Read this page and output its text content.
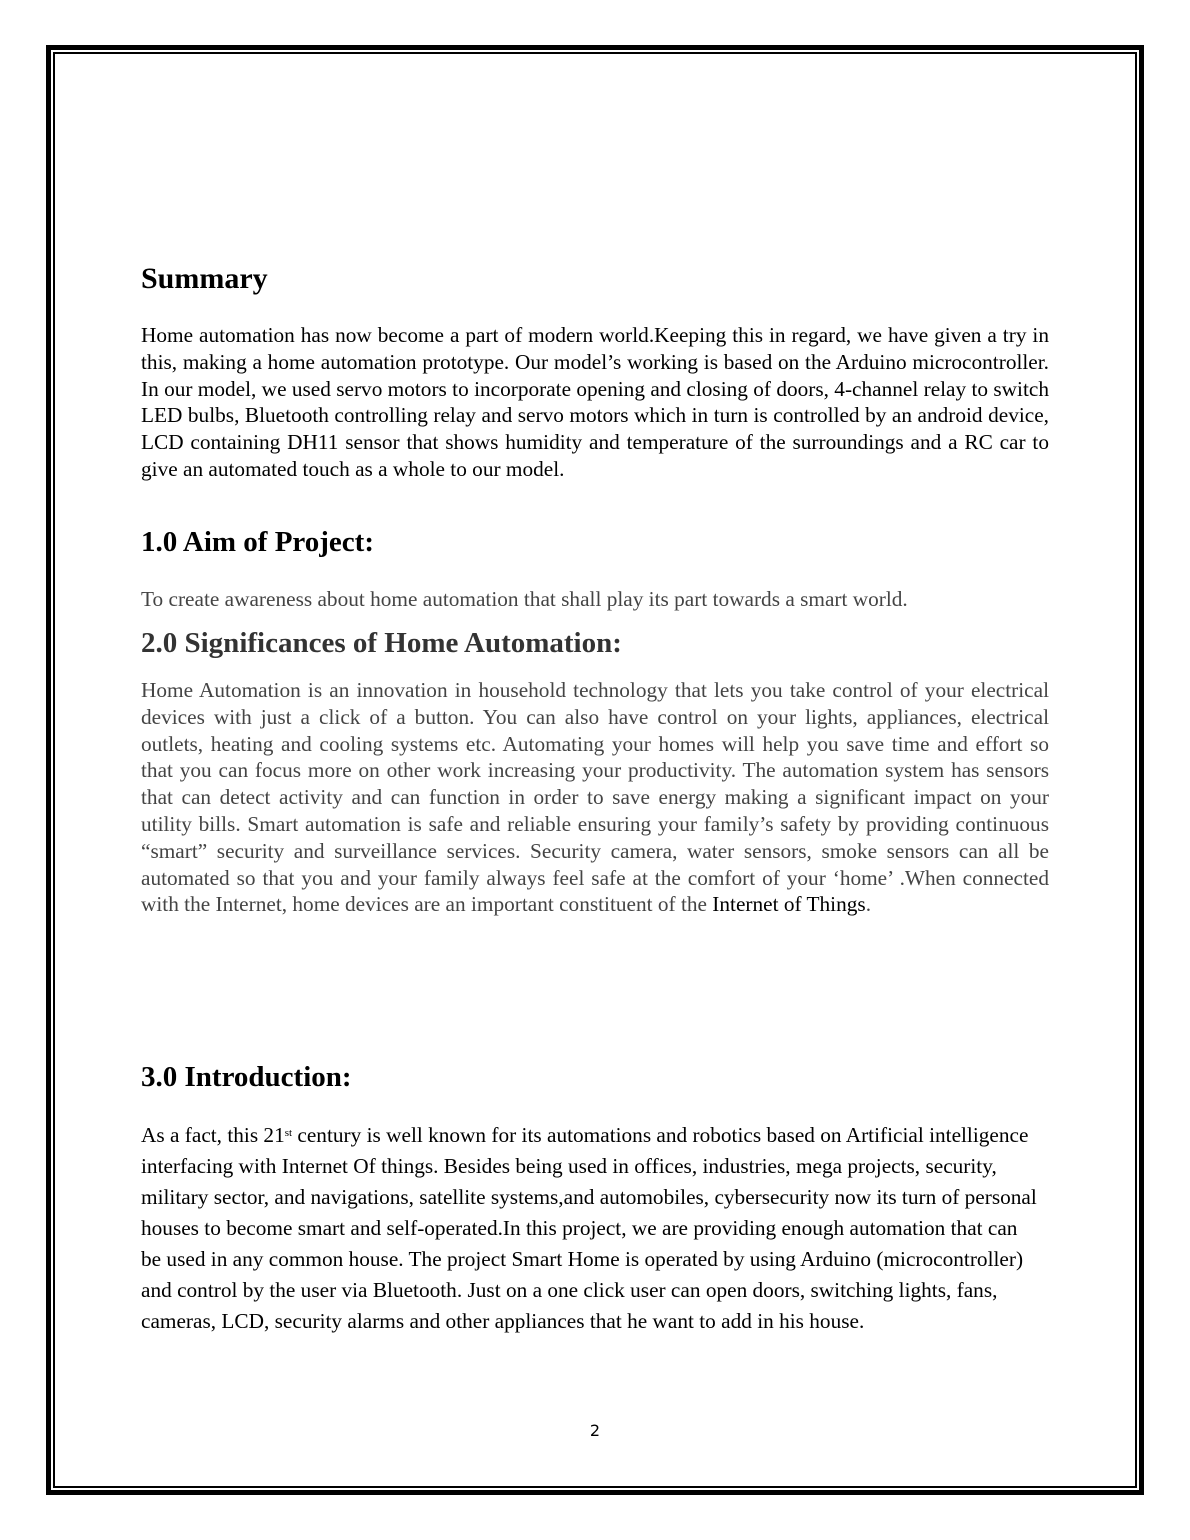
Summary

Home automation has now become a part of modern world.Keeping this in regard, we have given a try in this, making a home automation prototype. Our model’s working is based on the Arduino microcontroller. In our model, we used servo motors to incorporate opening and closing of doors, 4-channel relay to switch LED bulbs, Bluetooth controlling relay and servo motors which in turn is controlled by an android device, LCD containing DH11 sensor that shows humidity and temperature of the surroundings and a RC car to give an automated touch as a whole to our model.

1.0 Aim of Project:

To create awareness about home automation that shall play its part towards a smart world.

2.0 Significances of Home Automation:

Home Automation is an innovation in household technology that lets you take control of your electrical devices with just a click of a button. You can also have control on your lights, appliances, electrical outlets, heating and cooling systems etc. Automating your homes will help you save time and effort so that you can focus more on other work increasing your productivity. The automation system has sensors that can detect activity and can function in order to save energy making a significant impact on your utility bills. Smart automation is safe and reliable ensuring your family’s safety by providing continuous “smart” security and surveillance services. Security camera, water sensors, smoke sensors can all be automated so that you and your family always feel safe at the comfort of your ‘home’ .When connected with the Internet, home devices are an important constituent of the Internet of Things.

3.0 Introduction:

As a fact, this 21st century is well known for its automations and robotics based on Artificial intelligence interfacing with Internet Of things. Besides being used in offices, industries, mega projects, security, military sector, and navigations, satellite systems,and automobiles, cybersecurity now its turn of personal houses to become smart and self-operated.In this project, we are providing enough automation that can be used in any common house. The project Smart Home is operated by using Arduino (microcontroller) and control by the user via Bluetooth. Just on a one click user can open doors, switching lights, fans, cameras, LCD, security alarms and other appliances that he want to add in his house.

2
